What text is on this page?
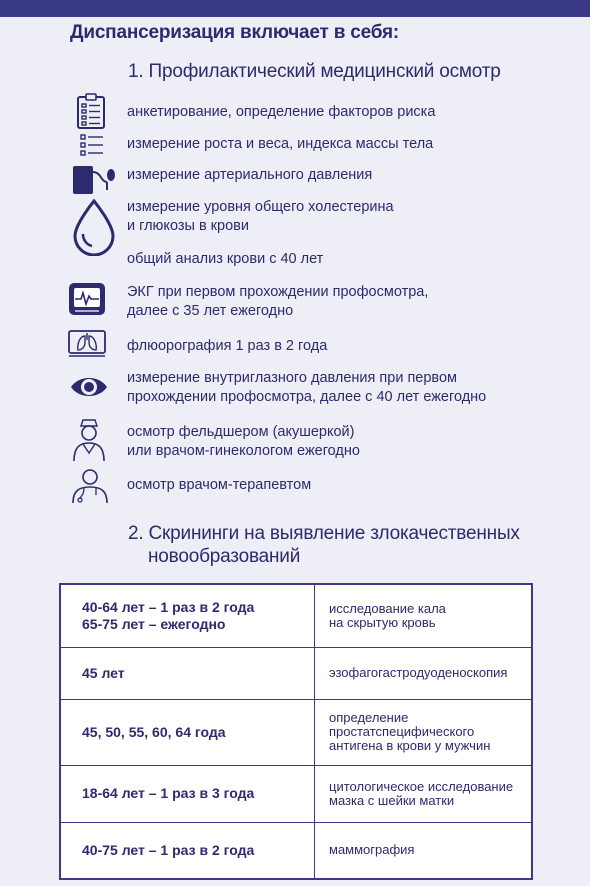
Диспансеризация включает в себя:
1. Профилактический медицинский осмотр
анкетирование, определение факторов риска
измерение роста и веса, индекса массы тела
измерение артериального давления
измерение уровня общего холестерина
и глюкозы в крови
общий анализ крови с 40 лет
ЭКГ при первом прохождении профосмотра,
далее с 35 лет ежегодно
флюорография 1 раз в 2 года
измерение внутриглазного давления при первом
прохождении профосмотра, далее с 40 лет ежегодно
осмотр фельдшером (акушеркой)
или врачом-гинекологом ежегодно
осмотр врачом-терапевтом
2. Скрининги на выявление злокачественных
новообразований
40-64 лет – 1 раз в 2 года
65-75 лет – ежегодно	исследование кала
на скрытую кровь

45 лет	эзофагогастродуоденоскопия

45, 50, 55, 60, 64 года	определение
простатспецифического
антигена в крови у мужчин

18-64 лет – 1 раз в 3 года	цитологическое исследование
мазка с шейки матки

40-75 лет – 1 раз в 2 года	маммография
